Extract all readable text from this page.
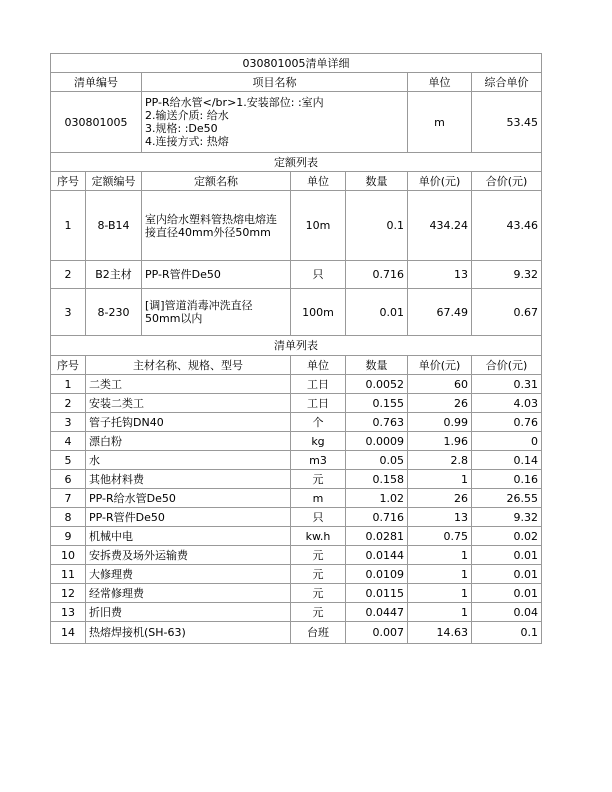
030801005清单详细						
清单编号		项目名称			单位	综合单价
030801005		PP-R给水管</br>1.安装部位: :室内
2.输送介质: 给水
3.规格: :De50
4.连接方式: 热熔			m	53.45
定额列表						
序号	定额编号	定额名称	单位	数量	单价(元)	合价(元)
1	8-B14	室内给水塑料管热熔电熔连接直径40mm外径50mm	10m	0.1	434.24	43.46
2	B2主材	PP-R管件De50	只	0.716	13	9.32
3	8-230	[调]管道消毒冲洗直径50mm以内	100m	0.01	67.49	0.67
清单列表						
序号	主材名称、规格、型号		单位	数量	单价(元)	合价(元)
1	二类工		工日	0.0052	60	0.31
2	安装二类工		工日	0.155	26	4.03
3	管子托钩DN40		个	0.763	0.99	0.76
4	漂白粉		kg	0.0009	1.96	0
5	水		m3	0.05	2.8	0.14
6	其他材料费		元	0.158	1	0.16
7	PP-R给水管De50		m	1.02	26	26.55
8	PP-R管件De50		只	0.716	13	9.32
9	机械中电		kw.h	0.0281	0.75	0.02
10	安拆费及场外运输费		元	0.0144	1	0.01
11	大修理费		元	0.0109	1	0.01
12	经常修理费		元	0.0115	1	0.01
13	折旧费		元	0.0447	1	0.04
14	热熔焊接机(SH-63)		台班	0.007	14.63	0.1
